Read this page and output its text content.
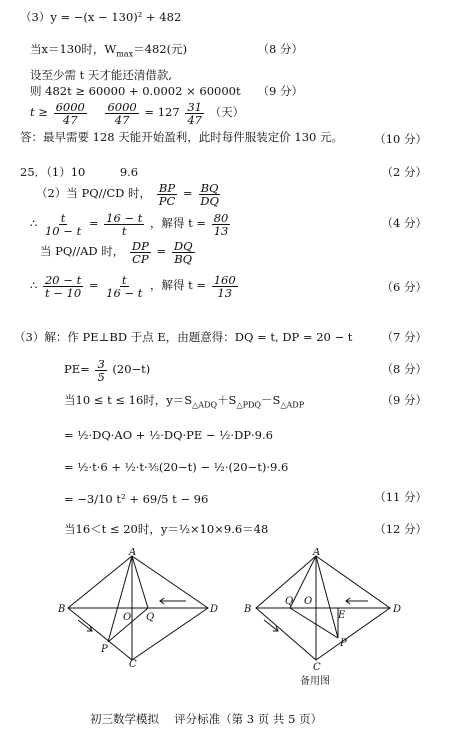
（3）y = −(x − 130)² + 482
当x＝130时，$W_{max}=482$(元)	（8 分）
设至少需 t 天才能还清借款,
则 482t ≥ 60000 + 0.0002 × 60000t （9 分）
$t \ge \frac{6000}{47}$
$\frac{6000}{47} = 127 \frac{31}{47}$ （天）
答：最早需要 128 天能开始盈利，此时每件服装定价 130 元。	（10 分）
25．（1）10　　　9.6	（2 分）
（2）当 PQ//CD 时， $\frac{BP}{PC} = \frac{BQ}{DQ}$
∴ $\frac{t}{10 - t} = \frac{16 - t}{t}$ ，解得 $t = \frac{80}{13}$	（4 分）
当 PQ//AD 时， $\frac{DP}{CP} = \frac{DQ}{BQ}$
∴ $\frac{20 - t}{t - 10} = \frac{t}{16 - t}$ ，解得 $t = \frac{160}{13}$	（6 分）
（3）解：作 PE⊥BD 于点 E，由题意得：DQ = t, DP = 20 − t	（7 分）
$PE= \frac{3}{5} (20-t)$	（8 分）
当10 ≤ t ≤ 16时，$y=S_{\triangle ADQ}+S_{\triangle PDQ}-S_{\triangle ADP}$	（9 分）
= ½·DQ·AO + ½·DQ·PE − ½·DP·9.6
= ½·t·6 + ½·t·⅗(20−t) − ½·(20−t)·9.6
= −3/10 t² + 69/5 t − 96	（11 分）
当16＜t ≤ 20时，y＝½×10×9.6＝48	（12 分）
A
B
O Q
D
P
C
A
B
Q O
E
D
P
C
备用图
初三数学模拟　 评分标准（第 3 页 共 5 页）
